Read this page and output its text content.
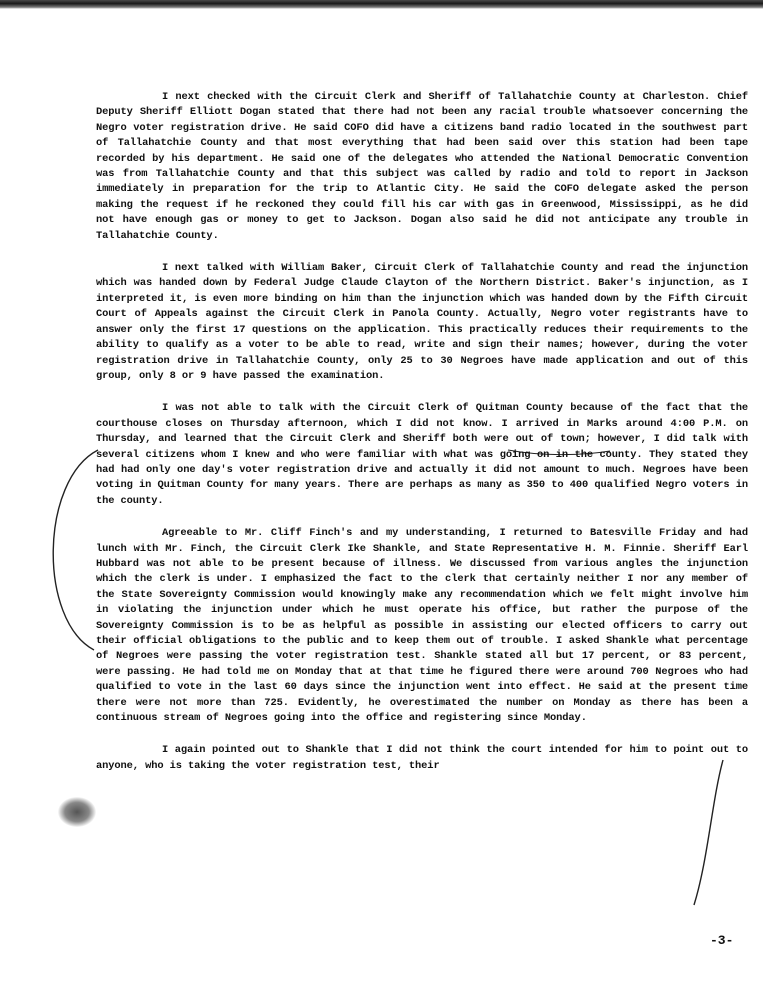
I next checked with the Circuit Clerk and Sheriff of Tallahatchie County at Charleston. Chief Deputy Sheriff Elliott Dogan stated that there had not been any racial trouble whatsoever concerning the Negro voter registration drive. He said COFO did have a citizens band radio located in the southwest part of Tallahatchie County and that most everything that had been said over this station had been tape recorded by his department. He said one of the delegates who attended the National Democratic Convention was from Tallahatchie County and that this subject was called by radio and told to report in Jackson immediately in preparation for the trip to Atlantic City. He said the COFO delegate asked the person making the request if he reckoned they could fill his car with gas in Greenwood, Mississippi, as he did not have enough gas or money to get to Jackson. Dogan also said he did not anticipate any trouble in Tallahatchie County.

I next talked with William Baker, Circuit Clerk of Tallahatchie County and read the injunction which was handed down by Federal Judge Claude Clayton of the Northern District. Baker's injunction, as I interpreted it, is even more binding on him than the injunction which was handed down by the Fifth Circuit Court of Appeals against the Circuit Clerk in Panola County. Actually, Negro voter registrants have to answer only the first 17 questions on the application. This practically reduces their requirements to the ability to qualify as a voter to be able to read, write and sign their names; however, during the voter registration drive in Tallahatchie County, only 25 to 30 Negroes have made application and out of this group, only 8 or 9 have passed the examination.

I was not able to talk with the Circuit Clerk of Quitman County because of the fact that the courthouse closes on Thursday afternoon, which I did not know. I arrived in Marks around 4:00 P.M. on Thursday, and learned that the Circuit Clerk and Sheriff both were out of town; however, I did talk with several citizens whom I knew and who were familiar with what was going on in the county. They stated they had had only one day's voter registration drive and actually it did not amount to much. Negroes have been voting in Quitman County for many years. There are perhaps as many as 350 to 400 qualified Negro voters in the county.

Agreeable to Mr. Cliff Finch's and my understanding, I returned to Batesville Friday and had lunch with Mr. Finch, the Circuit Clerk Ike Shankle, and State Representative H. M. Finnie. Sheriff Earl Hubbard was not able to be present because of illness. We discussed from various angles the injunction which the clerk is under. I emphasized the fact to the clerk that certainly neither I nor any member of the State Sovereignty Commission would knowingly make any recommendation which we felt might involve him in violating the injunction under which he must operate his office, but rather the purpose of the Sovereignty Commission is to be as helpful as possible in assisting our elected officers to carry out their official obligations to the public and to keep them out of trouble. I asked Shankle what percentage of Negroes were passing the voter registration test. Shankle stated all but 17 percent, or 83 percent, were passing. He had told me on Monday that at that time he figured there were around 700 Negroes who had qualified to vote in the last 60 days since the injunction went into effect. He said at the present time there were not more than 725. Evidently, he overestimated the number on Monday as there has been a continuous stream of Negroes going into the office and registering since Monday.

I again pointed out to Shankle that I did not think the court intended for him to point out to anyone, who is taking the voter registration test, their

-3-
